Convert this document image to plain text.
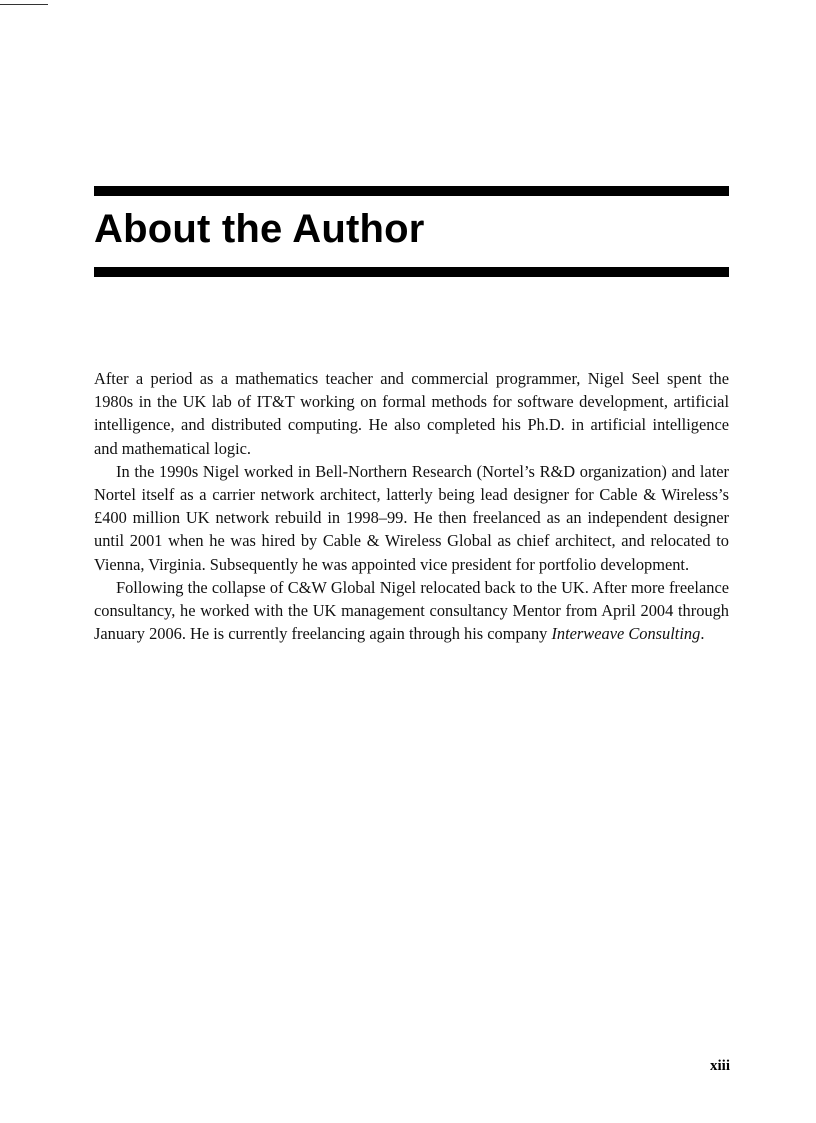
About the Author

After a period as a mathematics teacher and commercial programmer, Nigel Seel spent the 1980s in the UK lab of IT&T working on formal methods for software development, artificial intelligence, and distributed computing. He also completed his Ph.D. in artificial intelligence and mathematical logic.

In the 1990s Nigel worked in Bell-Northern Research (Nortel’s R&D organization) and later Nortel itself as a carrier network architect, latterly being lead designer for Cable & Wireless’s £400 million UK network rebuild in 1998–99. He then freelanced as an independent designer until 2001 when he was hired by Cable & Wireless Global as chief architect, and relocated to Vienna, Virginia. Subsequently he was appointed vice president for portfolio development.

Following the collapse of C&W Global Nigel relocated back to the UK. After more freelance consultancy, he worked with the UK management consultancy Mentor from April 2004 through January 2006. He is currently freelancing again through his company Interweave Consulting.

xiii
